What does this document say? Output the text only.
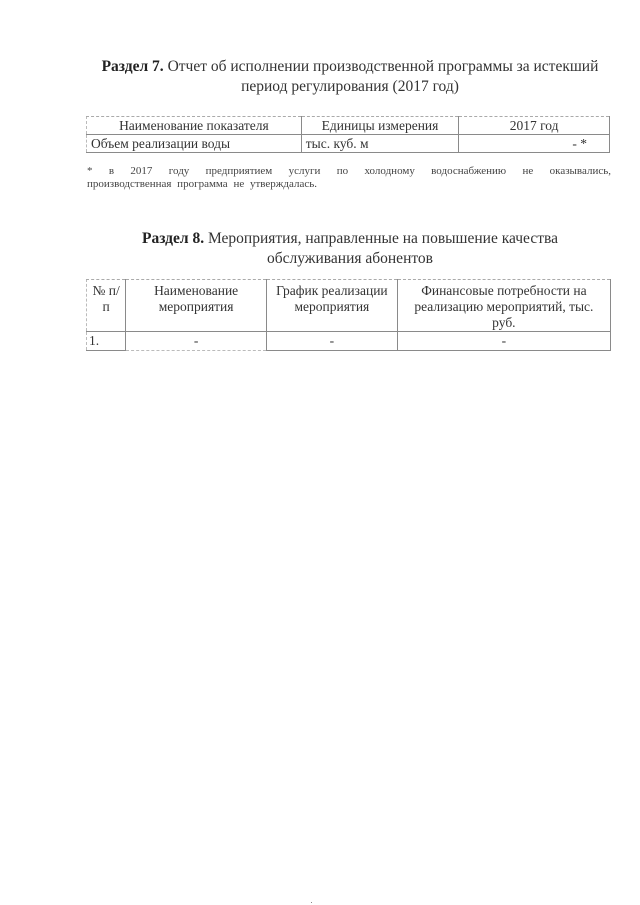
Раздел 7. Отчет об исполнении производственной программы за истекший период регулирования (2017 год)
Наименование показателя	Единицы измерения	2017 год
Объем реализации воды	тыс. куб. м	- *
* в 2017 году предприятием услуги по холодному водоснабжению не оказывались,
производственная программа не утверждалась.
Раздел 8. Мероприятия, направленные на повышение качества обслуживания абонентов
№ п/п	Наименование мероприятия	График реализации мероприятия	Финансовые потребности на реализацию мероприятий, тыс. руб.
1.	-	-	-
